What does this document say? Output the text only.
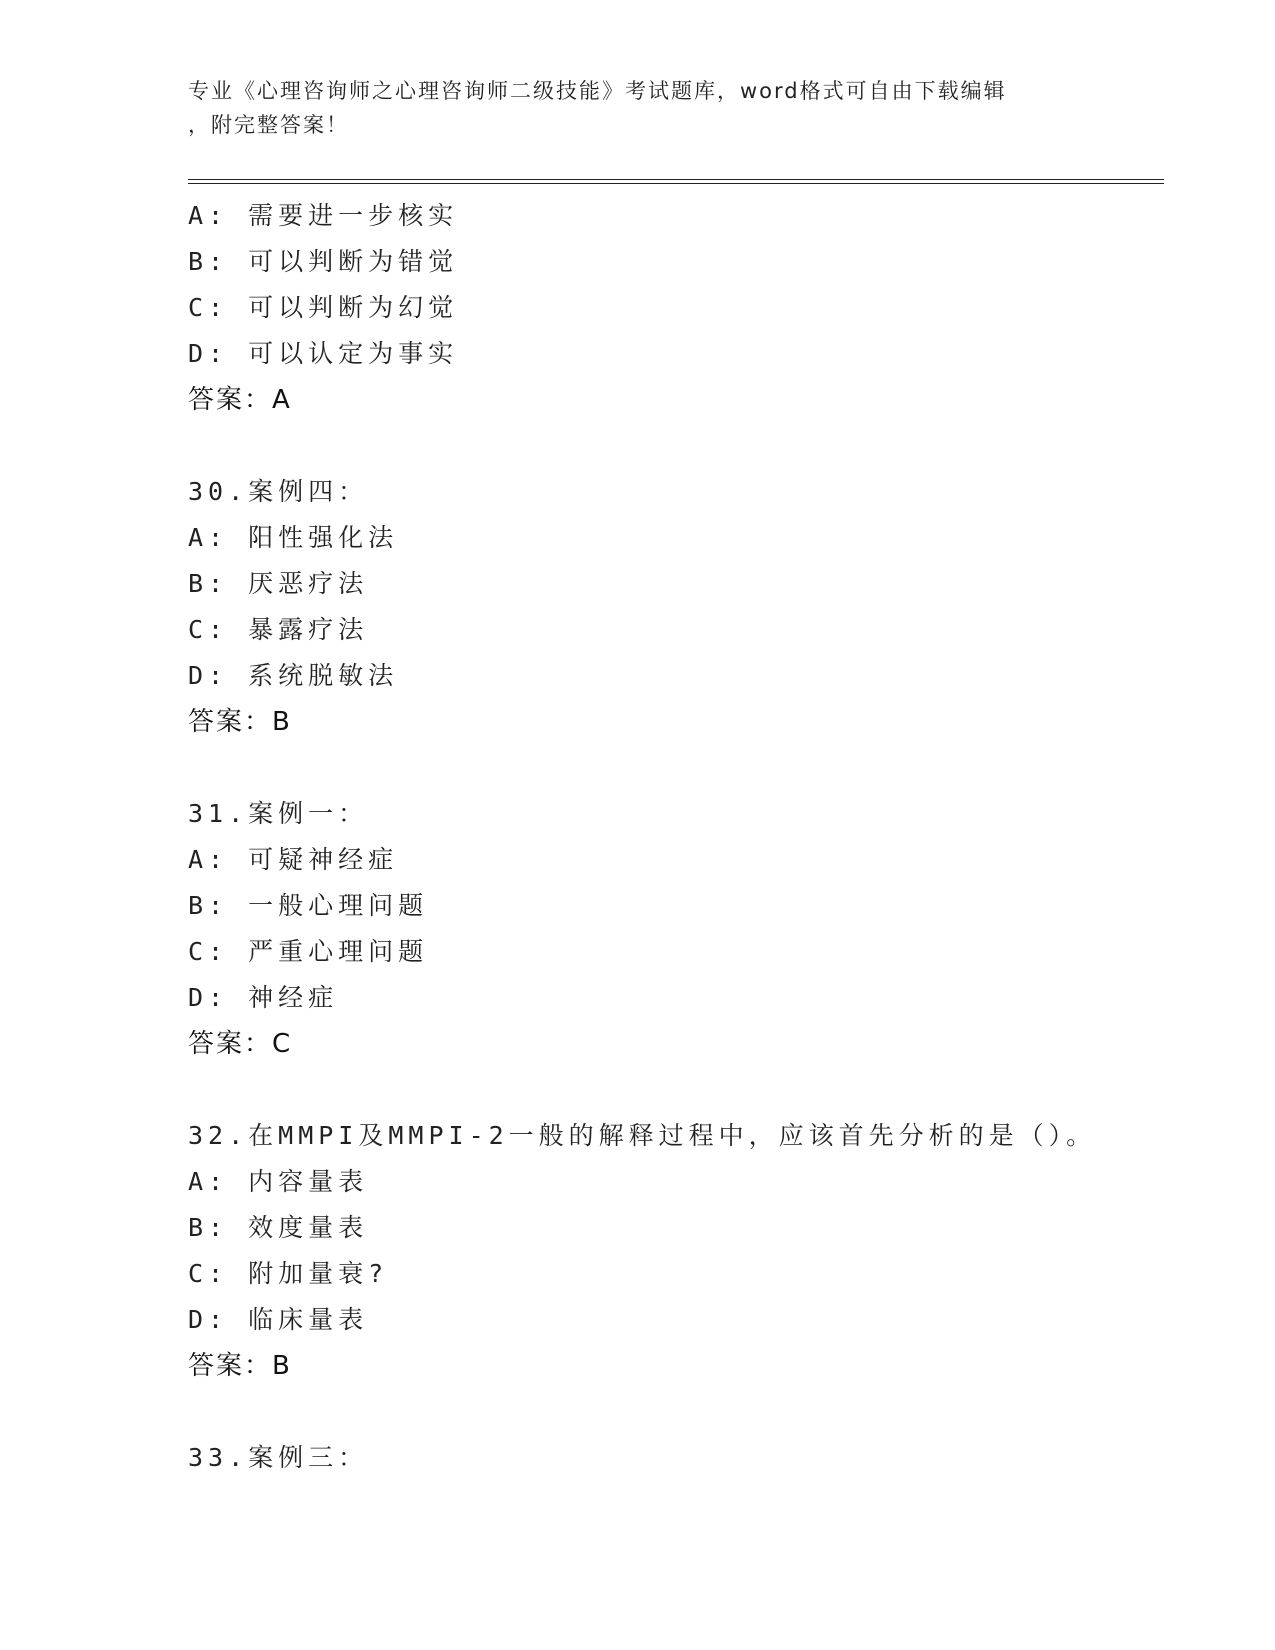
专业《心理咨询师之心理咨询师二级技能》考试题库，word格式可自由下载编辑
，附完整答案！
A: 需要进一步核实
B: 可以判断为错觉
C: 可以判断为幻觉
D: 可以认定为事实
答案：A
30.案例四：
A: 阳性强化法
B: 厌恶疗法
C: 暴露疗法
D: 系统脱敏法
答案：B
31.案例一：
A: 可疑神经症
B: 一般心理问题
C: 严重心理问题
D: 神经症
答案：C
32.在MMPI及MMPI-2一般的解释过程中，应该首先分析的是（）。
A: 内容量表
B: 效度量表
C: 附加量衰?
D: 临床量表
答案：B
33.案例三：
